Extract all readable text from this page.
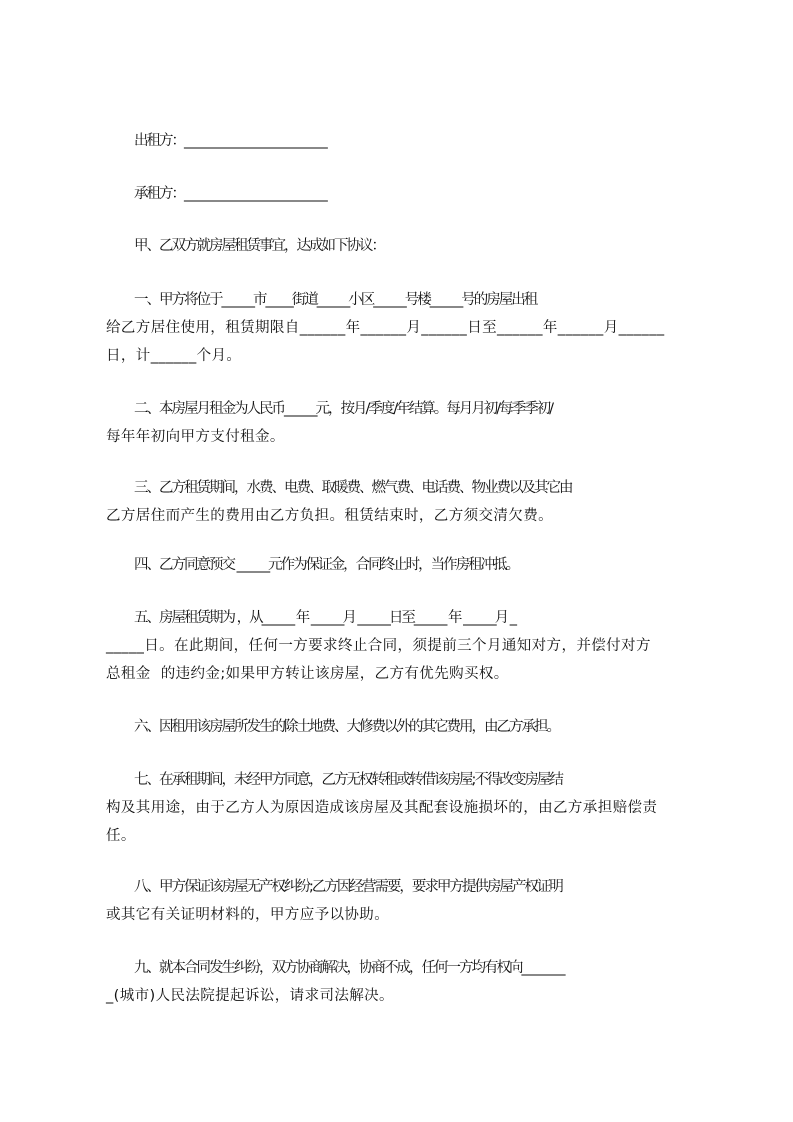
出租方：___________________________
承租方：___________________________
甲、乙双方就房屋租赁事宜，达成如下协议：
一、甲方将位于______市_____街道______小区______号楼______号的房屋出租
给乙方居住使用，租赁期限自______年______月______日至______年______月______
日，计______个月。
二、本房屋月租金为人民币______元，按月/季度/年结算。每月月初/每季季初/
每年年初向甲方支付租金。
三、乙方租赁期间，水费、电费、取暖费、燃气费、电话费、物业费以及其它由
乙方居住而产生的费用由乙方负担。租赁结束时，乙方须交清欠费。
四、乙方同意预交 ______元作为保证金，合同终止时，当作房租冲抵。
五、房屋租赁期为 ，从______ 年 ______月 ______日至______ 年 ______月 _
_____日。在此期间，任何一方要求终止合同，须提前三个月通知对方，并偿付对方
总租金  的违约金;如果甲方转让该房屋，乙方有优先购买权。
六、因租用该房屋所发生的除土地费、大修费以外的其它费用，由乙方承担。
七、在承租期间，未经甲方同意，乙方无权转租或转借该房屋;不得改变房屋结
构及其用途，由于乙方人为原因造成该房屋及其配套设施损坏的，由乙方承担赔偿责
任。
八、甲方保证该房屋无产权纠纷;乙方因经营需要，要求甲方提供房屋产权证明
或其它有关证明材料的，甲方应予以协助。
九、就本合同发生纠纷，双方协商解决，协商不成，任何一方均有权向________
_(城市)人民法院提起诉讼，请求司法解决。
